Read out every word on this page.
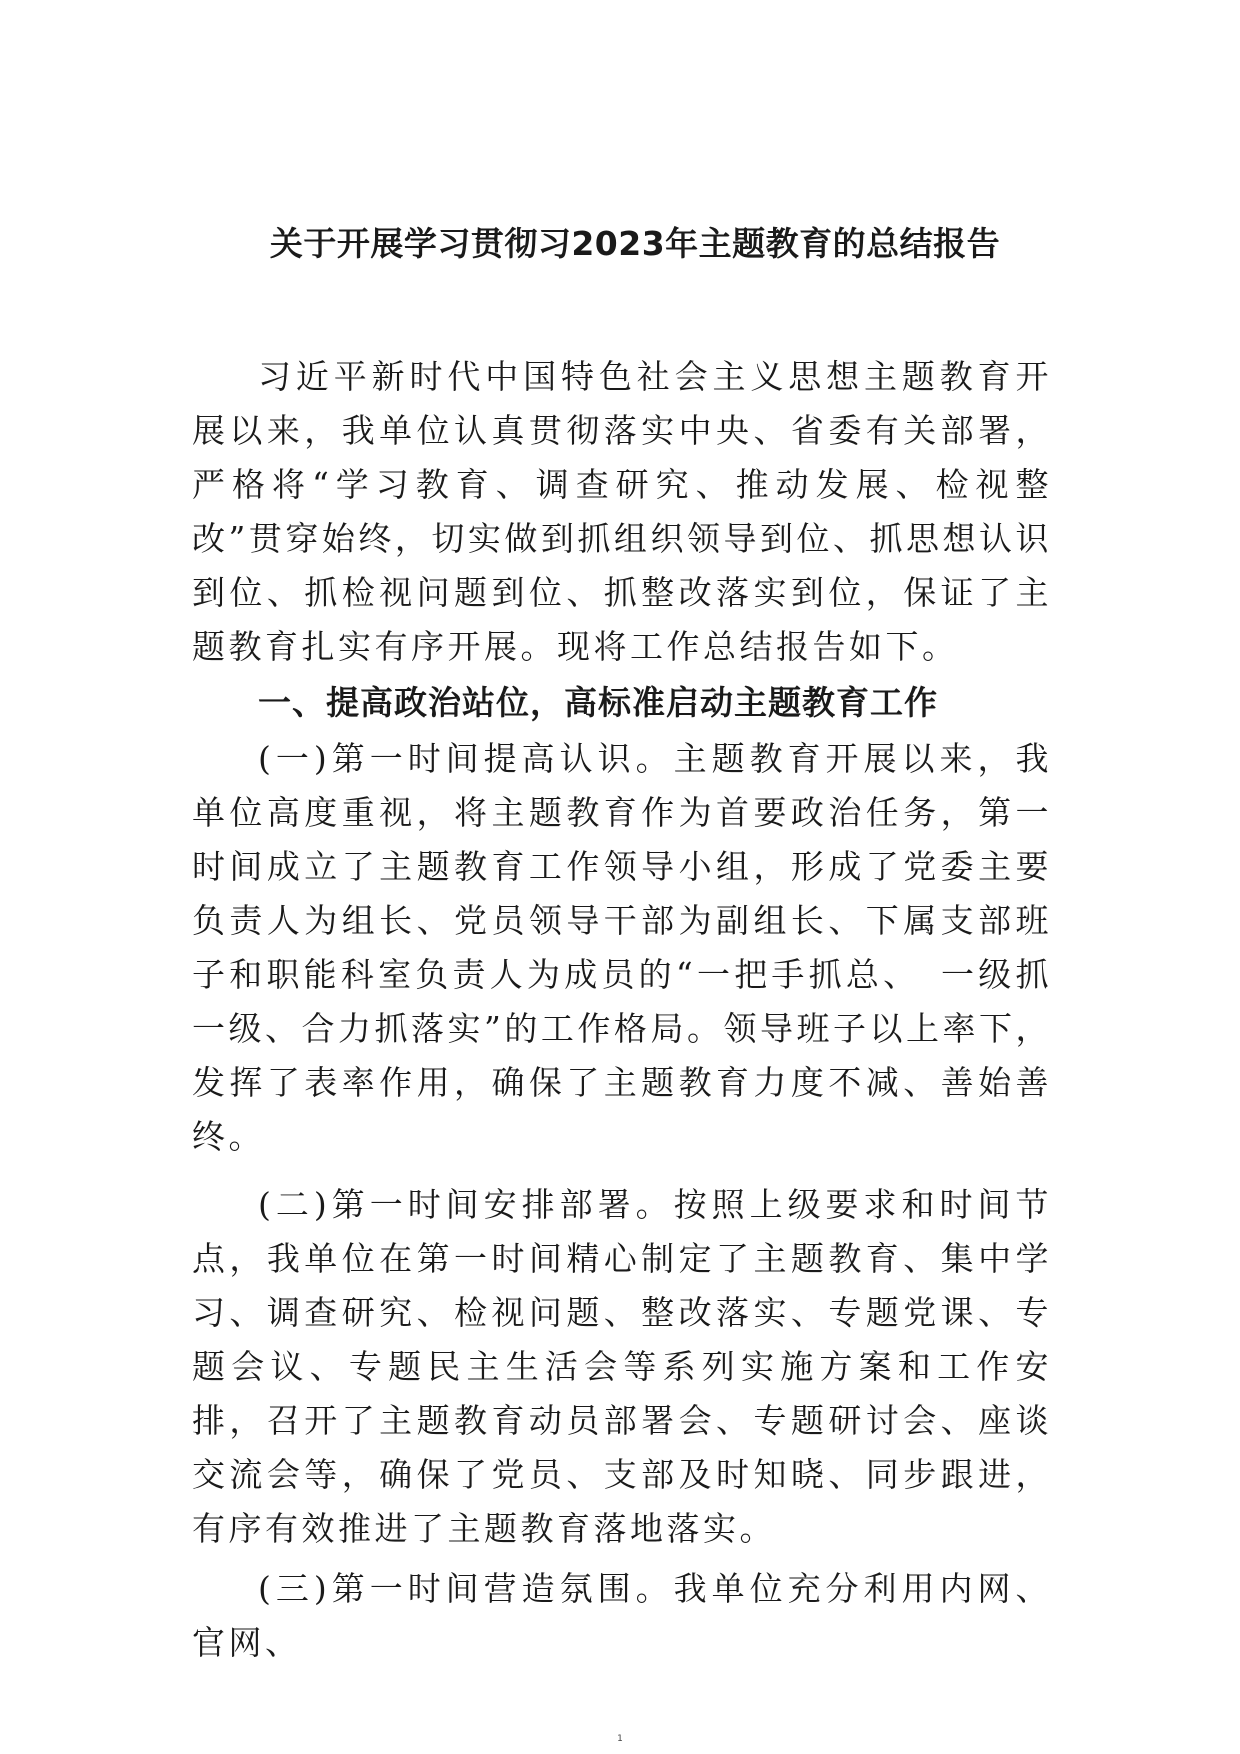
关于开展学习贯彻习2023年主题教育的总结报告

习近平新时代中国特色社会主义思想主题教育开展以来，我单位认真贯彻落实中央、省委有关部署，严格将“学习教育、调查研究、推动发展、检视整改”贯穿始终，切实做到抓组织领导到位、抓思想认识到位、抓检视问题到位、抓整改落实到位，保证了主题教育扎实有序开展。现将工作总结报告如下。

一、提高政治站位，高标准启动主题教育工作

(一)第一时间提高认识。主题教育开展以来，我单位高度重视，将主题教育作为首要政治任务，第一时间成立了主题教育工作领导小组，形成了党委主要负责人为组长、党员领导干部为副组长、下属支部班子和职能科室负责人为成员的“一把手抓总、　一级抓一级、合力抓落实”的工作格局。领导班子以上率下，发挥了表率作用，确保了主题教育力度不减、善始善终。

(二)第一时间安排部署。按照上级要求和时间节点，我单位在第一时间精心制定了主题教育、集中学习、调查研究、检视问题、整改落实、专题党课、专题会议、专题民主生活会等系列实施方案和工作安排，召开了主题教育动员部署会、专题研讨会、座谈交流会等，确保了党员、支部及时知晓、同步跟进，有序有效推进了主题教育落地落实。

(三)第一时间营造氛围。我单位充分利用内网、官网、

1
